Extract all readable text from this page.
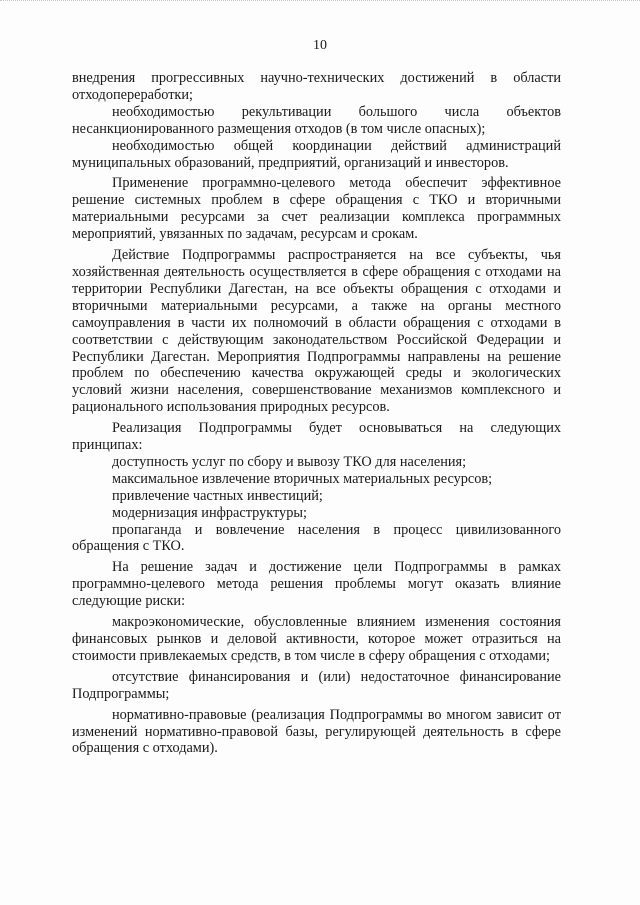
10

внедрения прогрессивных научно-технических достижений в области отходопереработки;

необходимостью рекультивации большого числа объектов несанкционированного размещения отходов (в том числе опасных);

необходимостью общей координации действий администраций муниципальных образований, предприятий, организаций и инвесторов.

Применение программно-целевого метода обеспечит эффективное решение системных проблем в сфере обращения с ТКО и вторичными материальными ресурсами за счет реализации комплекса программных мероприятий, увязанных по задачам, ресурсам и срокам.

Действие Подпрограммы распространяется на все субъекты, чья хозяйственная деятельность осуществляется в сфере обращения с отходами на территории Республики Дагестан, на все объекты обращения с отходами и вторичными материальными ресурсами, а также на органы местного самоуправления в части их полномочий в области обращения с отходами в соответствии с действующим законодательством Российской Федерации и Республики Дагестан. Мероприятия Подпрограммы направлены на решение проблем по обеспечению качества окружающей среды и экологических условий жизни населения, совершенствование механизмов комплексного и рационального использования природных ресурсов.

Реализация Подпрограммы будет основываться на следующих принципах:

доступность услуг по сбору и вывозу ТКО для населения;

максимальное извлечение вторичных материальных ресурсов;

привлечение частных инвестиций;

модернизация инфраструктуры;

пропаганда и вовлечение населения в процесс цивилизованного обращения с ТКО.

На решение задач и достижение цели Подпрограммы в рамках программно-целевого метода решения проблемы могут оказать влияние следующие риски:

макроэкономические, обусловленные влиянием изменения состояния финансовых рынков и деловой активности, которое может отразиться на стоимости привлекаемых средств, в том числе в сферу обращения с отходами;

отсутствие финансирования и (или) недостаточное финансирование Подпрограммы;

нормативно-правовые (реализация Подпрограммы во многом зависит от изменений нормативно-правовой базы, регулирующей деятельность в сфере обращения с отходами).
